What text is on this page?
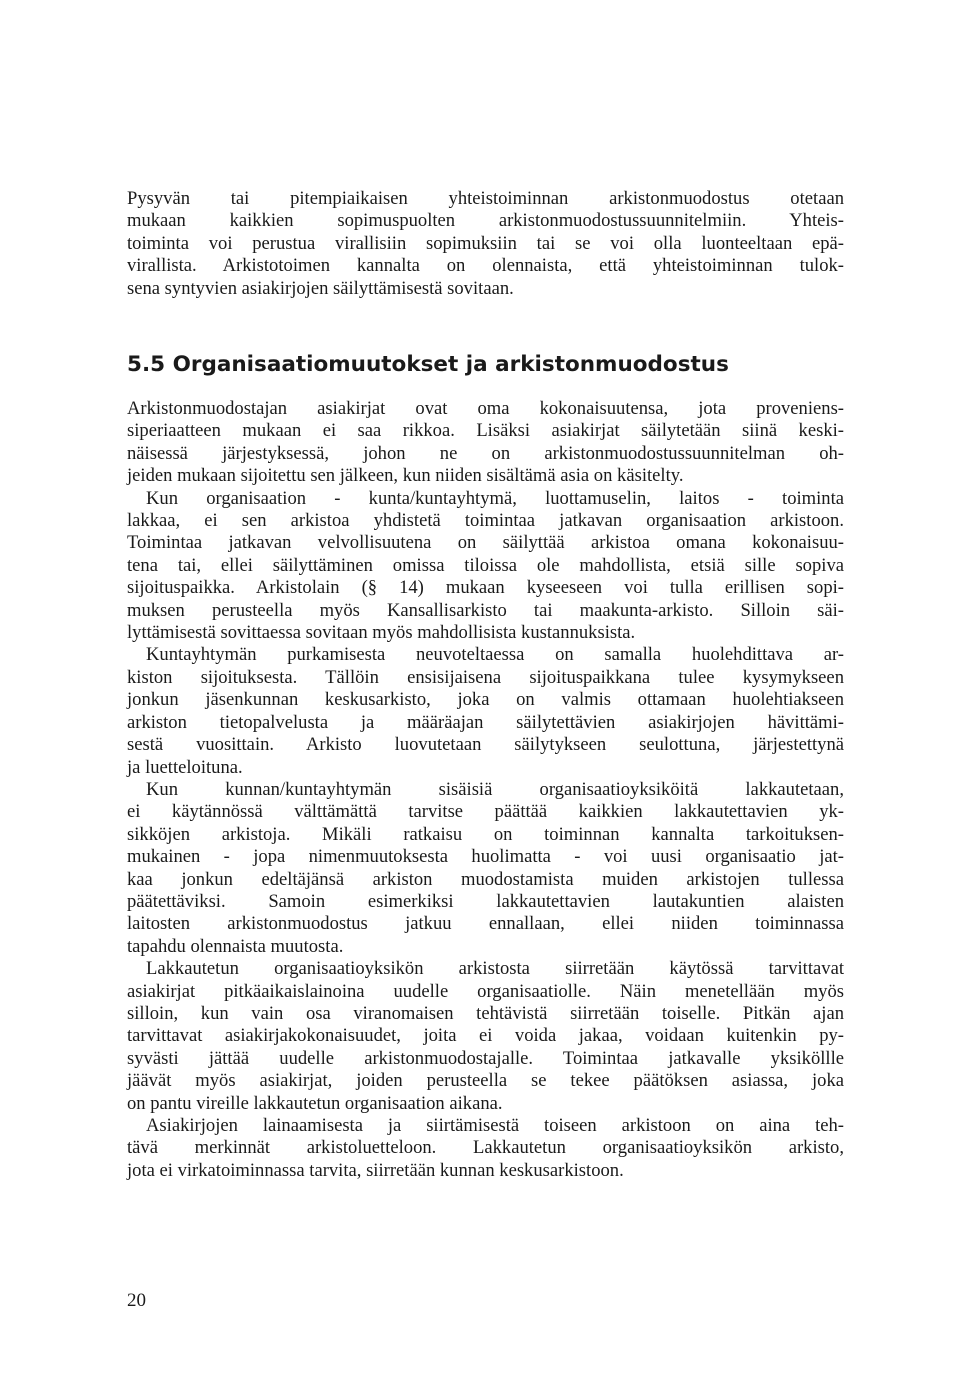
Pysyvän tai pitempiaikaisen yhteistoiminnan arkistonmuodostus otetaan
mukaan kaikkien sopimuspuolten arkistonmuodostussuunnitelmiin. Yhteis-
toiminta voi perustua virallisiin sopimuksiin tai se voi olla luonteeltaan epä-
virallista. Arkistotoimen kannalta on olennaista, että yhteistoiminnan tulok-
sena syntyvien asiakirjojen säilyttämisestä sovitaan.
5.5 Organisaatiomuutokset ja arkistonmuodostus
Arkistonmuodostajan asiakirjat ovat oma kokonaisuutensa, jota proveniens-
siperiaatteen mukaan ei saa rikkoa. Lisäksi asiakirjat säilytetään siinä keski-
näisessä järjestyksessä, johon ne on arkistonmuodostussuunnitelman oh-
jeiden mukaan sijoitettu sen jälkeen, kun niiden sisältämä asia on käsitelty.
Kun organisaation - kunta/kuntayhtymä, luottamuselin, laitos - toiminta
lakkaa, ei sen arkistoa yhdistetä toimintaa jatkavan organisaation arkistoon.
Toimintaa jatkavan velvollisuutena on säilyttää arkistoa omana kokonaisuu-
tena tai, ellei säilyttäminen omissa tiloissa ole mahdollista, etsiä sille sopiva
sijoituspaikka. Arkistolain (§ 14) mukaan kyseeseen voi tulla erillisen sopi-
muksen perusteella myös Kansallisarkisto tai maakunta-arkisto. Silloin säi-
lyttämisestä sovittaessa sovitaan myös mahdollisista kustannuksista.
Kuntayhtymän purkamisesta neuvoteltaessa on samalla huolehdittava ar-
kiston sijoituksesta. Tällöin ensisijaisena sijoituspaikkana tulee kysymykseen
jonkun jäsenkunnan keskusarkisto, joka on valmis ottamaan huolehtiakseen
arkiston tietopalvelusta ja määräajan säilytettävien asiakirjojen hävittämi-
sestä vuosittain. Arkisto luovutetaan säilytykseen seulottuna, järjestettynä
ja luetteloituna.
Kun kunnan/kuntayhtymän sisäisiä organisaatioyksiköitä lakkautetaan,
ei käytännössä välttämättä tarvitse päättää kaikkien lakkautettavien yk-
sikköjen arkistoja. Mikäli ratkaisu on toiminnan kannalta tarkoituksen-
mukainen - jopa nimenmuutoksesta huolimatta - voi uusi organisaatio jat-
kaa jonkun edeltäjänsä arkiston muodostamista muiden arkistojen tullessa
päätettäviksi. Samoin esimerkiksi lakkautettavien lautakuntien alaisten
laitosten arkistonmuodostus jatkuu ennallaan, ellei niiden toiminnassa
tapahdu olennaista muutosta.
Lakkautetun organisaatioyksikön arkistosta siirretään käytössä tarvittavat
asiakirjat pitkäaikaislainoina uudelle organisaatiolle. Näin menetellään myös
silloin, kun vain osa viranomaisen tehtävistä siirretään toiselle. Pitkän ajan
tarvittavat asiakirjakokonaisuudet, joita ei voida jakaa, voidaan kuitenkin py-
syvästi jättää uudelle arkistonmuodostajalle. Toimintaa jatkavalle yksiköllle
jäävät myös asiakirjat, joiden perusteella se tekee päätöksen asiassa, joka
on pantu vireille lakkautetun organisaation aikana.
Asiakirjojen lainaamisesta ja siirtämisestä toiseen arkistoon on aina teh-
tävä merkinnät arkistoluetteloon. Lakkautetun organisaatioyksikön arkisto,
jota ei virkatoiminnassa tarvita, siirretään kunnan keskusarkistoon.
20
